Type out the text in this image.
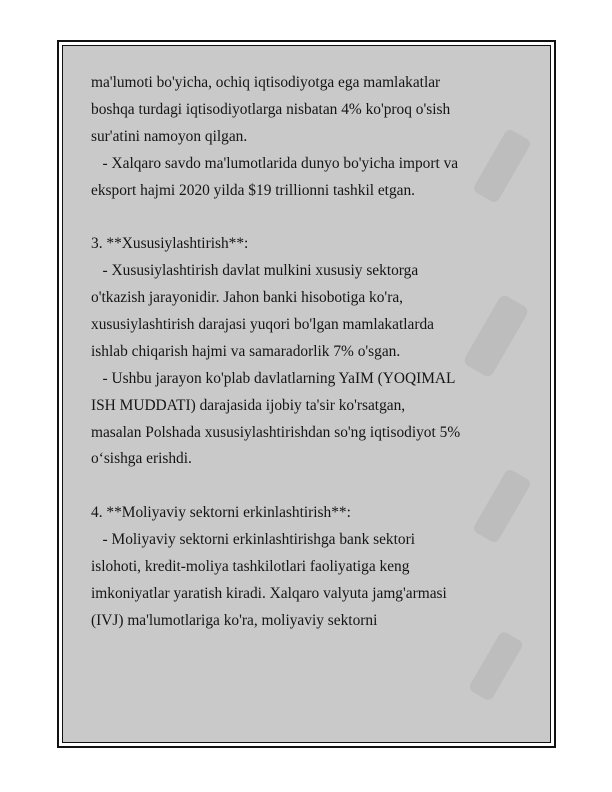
ma'lumoti bo'yicha, ochiq iqtisodiyotga ega mamlakatlar
boshqa turdagi iqtisodiyotlarga nisbatan 4% ko'proq o'sish
sur'atini namoyon qilgan.
- Xalqaro savdo ma'lumotlarida dunyo bo'yicha import va
eksport hajmi 2020 yilda $19 trillionni tashkil etgan.
3. **Xususiylashtirish**:
- Xususiylashtirish davlat mulkini xususiy sektorga
o'tkazish jarayonidir. Jahon banki hisobotiga ko'ra,
xususiylashtirish darajasi yuqori bo'lgan mamlakatlarda
ishlab chiqarish hajmi va samaradorlik 7% o'sgan.
- Ushbu jarayon ko'plab davlatlarning YaIM (YOQIMAL
ISH MUDDATI) darajasida ijobiy ta'sir ko'rsatgan,
masalan Polshada xususiylashtirishdan so'ng iqtisodiyot 5%
o‘sishga erishdi.
4. **Moliyaviy sektorni erkinlashtirish**:
- Moliyaviy sektorni erkinlashtirishga bank sektori
islohoti, kredit-moliya tashkilotlari faoliyatiga keng
imkoniyatlar yaratish kiradi. Xalqaro valyuta jamg'armasi
(IVJ) ma'lumotlariga ko'ra, moliyaviy sektorni
